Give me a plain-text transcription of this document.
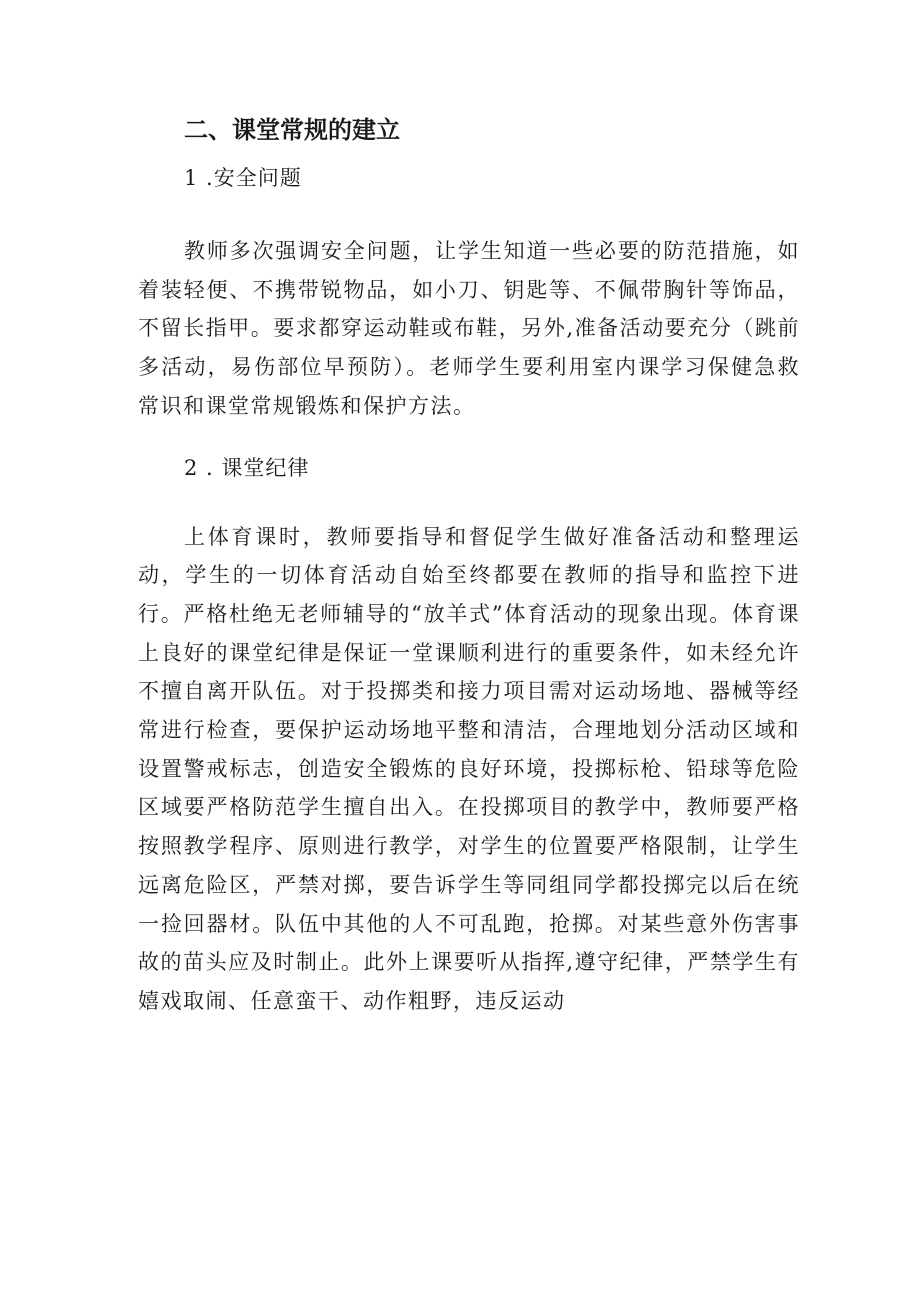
二、课堂常规的建立
1 .安全问题

教师多次强调安全问题，让学生知道一些必要的防范措施，如着装轻便、不携带锐物品，如小刀、钥匙等、不佩带胸针等饰品，不留长指甲。要求都穿运动鞋或布鞋，另外,准备活动要充分（跳前多活动，易伤部位早预防）。老师学生要利用室内课学习保健急救常识和课堂常规锻炼和保护方法。

2 . 课堂纪律

上体育课时，教师要指导和督促学生做好准备活动和整理运动，学生的一切体育活动自始至终都要在教师的指导和监控下进行。严格杜绝无老师辅导的“放羊式”体育活动的现象出现。体育课上良好的课堂纪律是保证一堂课顺利进行的重要条件，如未经允许不擅自离开队伍。对于投掷类和接力项目需对运动场地、器械等经常进行检查，要保护运动场地平整和清洁，合理地划分活动区域和设置警戒标志，创造安全锻炼的良好环境，投掷标枪、铅球等危险区域要严格防范学生擅自出入。在投掷项目的教学中，教师要严格按照教学程序、原则进行教学，对学生的位置要严格限制，让学生远离危险区，严禁对掷，要告诉学生等同组同学都投掷完以后在统一捡回器材。队伍中其他的人不可乱跑，抢掷。对某些意外伤害事故的苗头应及时制止。此外上课要听从指挥,遵守纪律，严禁学生有嬉戏取闹、任意蛮干、动作粗野，违反运动
